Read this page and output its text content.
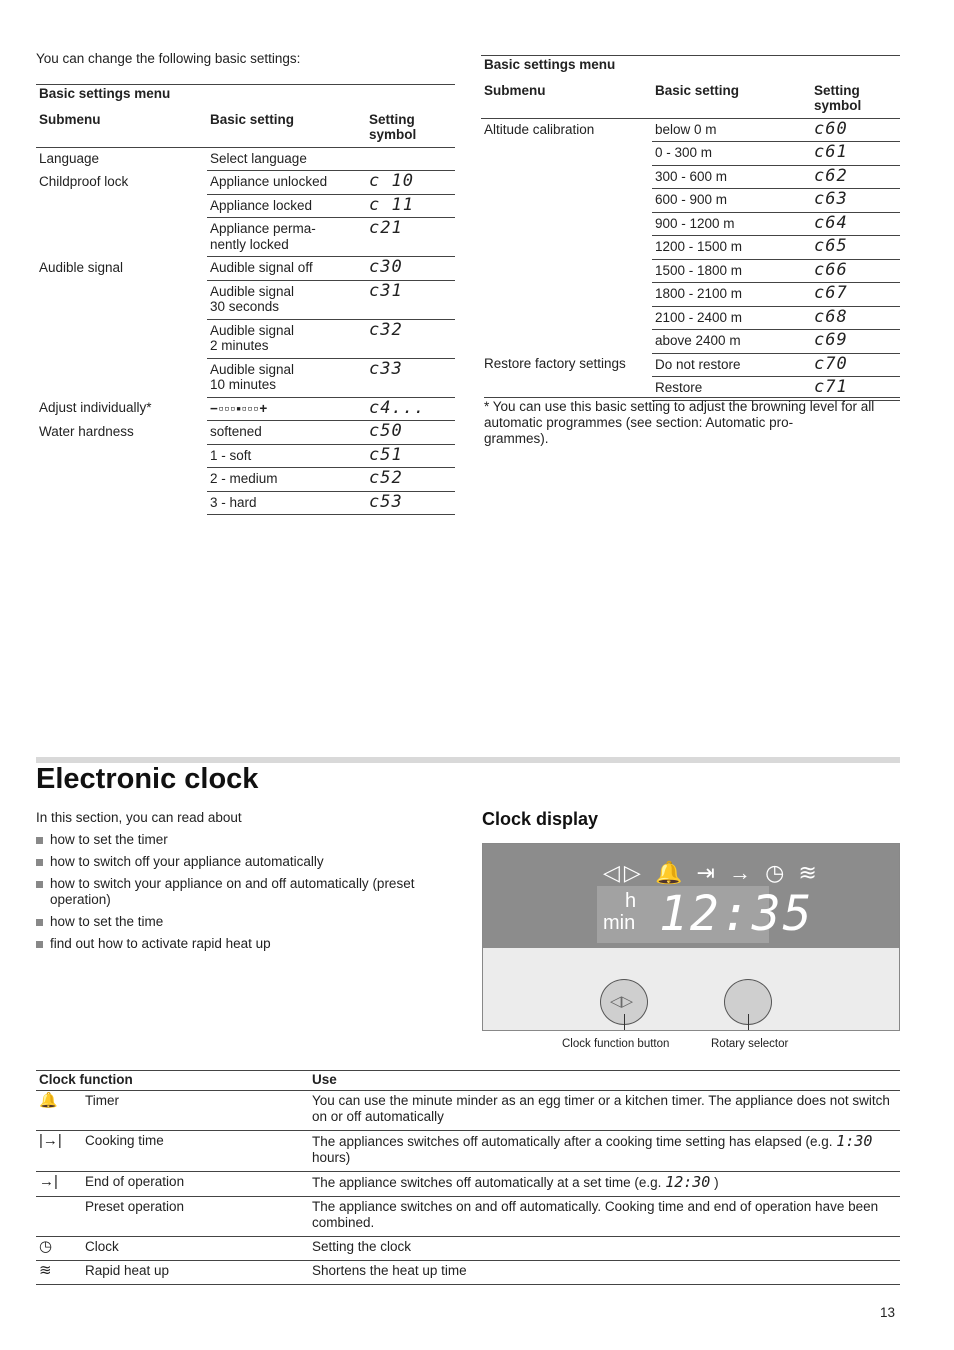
You can change the following basic settings:
Basic settings menu		
Submenu	Basic setting	Setting
symbol
Language	Select language	
Childproof lock	Appliance unlocked	c 10
	Appliance locked	c 11
	Appliance perma-
nently locked	c21
Audible signal	Audible signal off	c30
	Audible signal
30 seconds	c31
	Audible signal
2 minutes	c32
	Audible signal
10 minutes	c33
Adjust individually*	−▫▫▫▪▫▫▫+	c4...
Water hardness	softened	c50
	1 - soft	c51
	2 - medium	c52
	3 - hard	c53
Basic settings menu		
Submenu	Basic setting	Setting
symbol
Altitude calibration	below 0 m	c60
	0 - 300 m	c61
	300 - 600 m	c62
	600 - 900 m	c63
	900 - 1200 m	c64
	1200 - 1500 m	c65
	1500 - 1800 m	c66
	1800 - 2100 m	c67
	2100 - 2400 m	c68
	above 2400 m	c69
Restore factory settings	Do not restore	c70
	Restore	c71
* You can use this basic setting to adjust the browning level for all automatic programmes (see section: Automatic pro-
grammes).
Electronic clock
In this section, you can read about
how to set the timer
how to switch off your appliance automatically
how to switch your appliance on and off automatically (preset operation)
how to set the time
find out how to activate rapid heat up
Clock display
◁▷ 🔔 ⇥ → ◷ ≋
h
min 12:35
◁▷
Clock function button	Rotary selector
Clock function		Use
🔔	Timer	You can use the minute minder as an egg timer or a kitchen timer. The appliance does not switch on or off automatically
|→|	Cooking time	The appliances switches off automatically after a cooking time setting has elapsed (e.g. 1:30 hours)
→|	End of operation	The appliance switches off automatically at a set time (e.g. 12:30 )
	Preset operation	The appliance switches on and off automatically. Cooking time and end of operation have been combined.
◷	Clock	Setting the clock
≋	Rapid heat up	Shortens the heat up time
13
